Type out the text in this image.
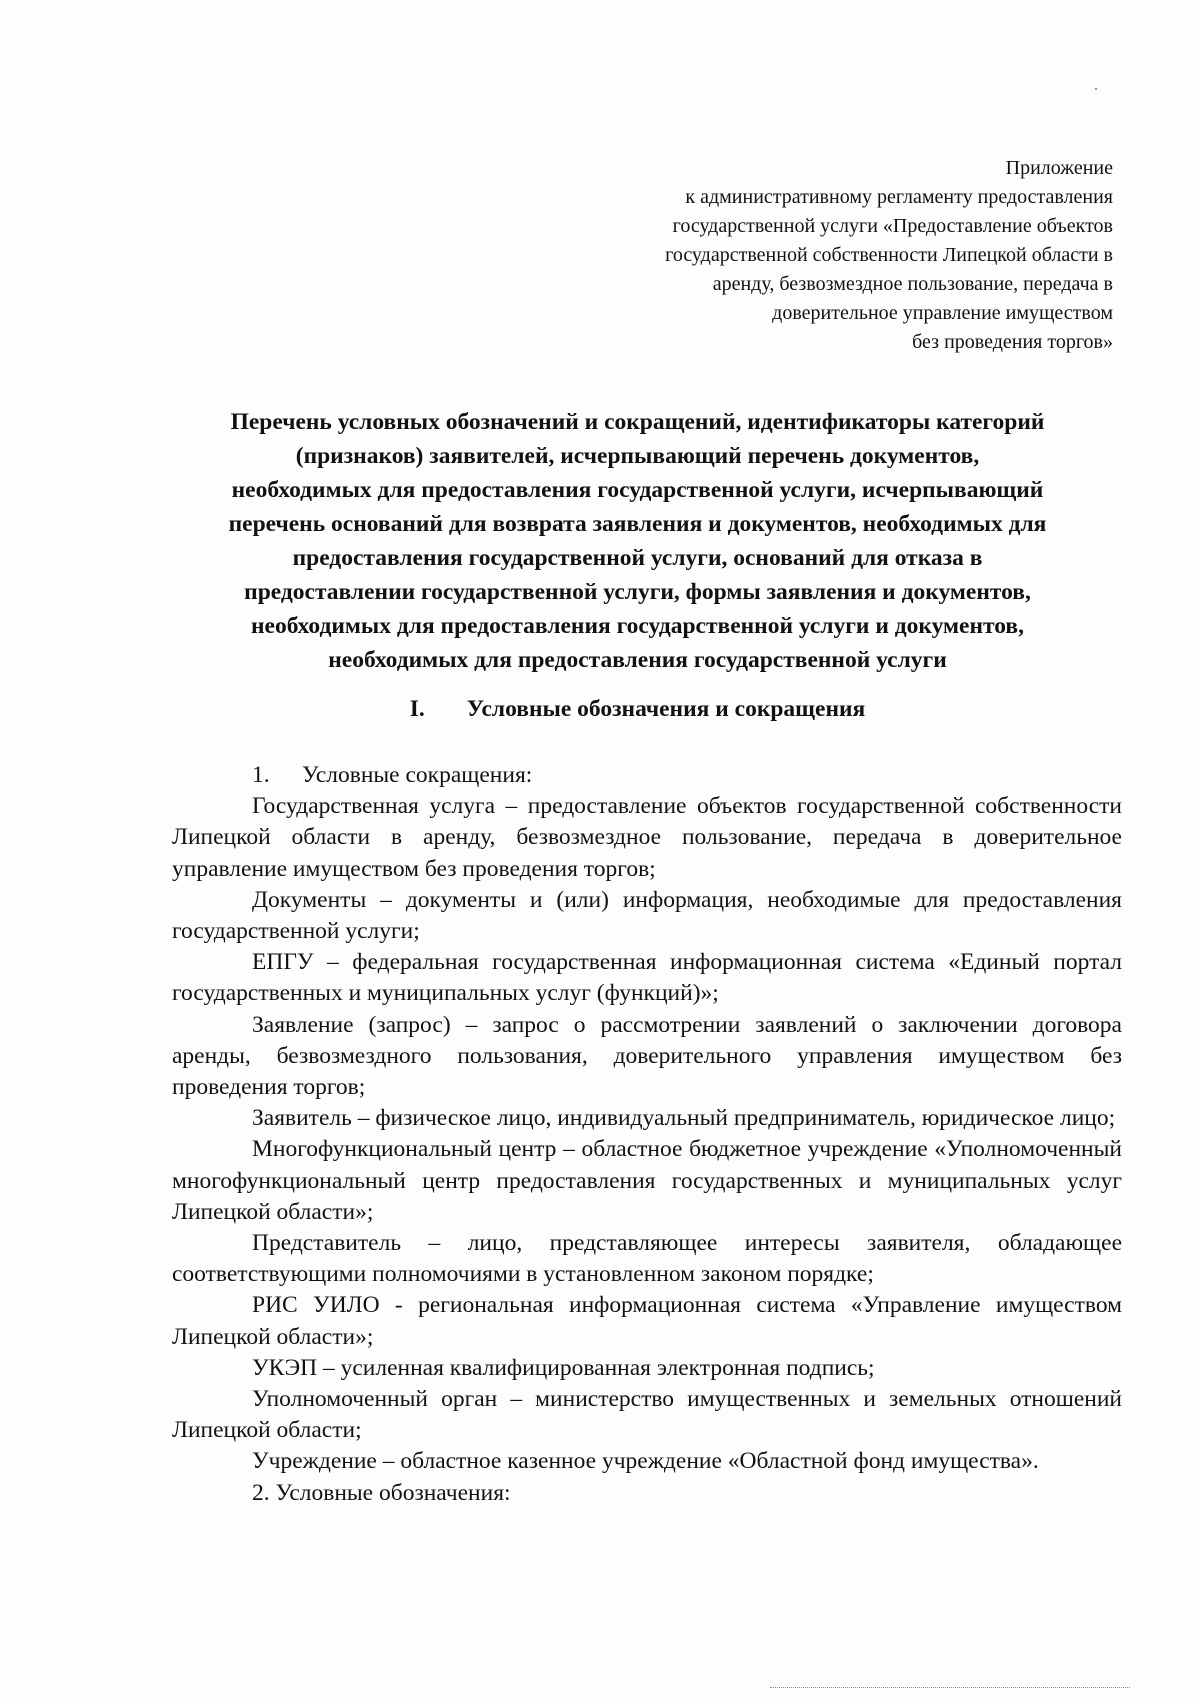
Приложение
к административному регламенту предоставления
государственной услуги «Предоставление объектов
государственной собственности Липецкой области в
аренду, безвозмездное пользование, передача в
доверительное управление имуществом
без проведения торгов»
Перечень условных обозначений и сокращений, идентификаторы категорий
(признаков) заявителей, исчерпывающий перечень документов,
необходимых для предоставления государственной услуги, исчерпывающий
перечень оснований для возврата заявления и документов, необходимых для
предоставления государственной услуги, оснований для отказа в
предоставлении государственной услуги, формы заявления и документов,
необходимых для предоставления государственной услуги и документов,
необходимых для предоставления государственной услуги
I. Условные обозначения и сокращения

1. Условные сокращения:

Государственная услуга – предоставление объектов государственной собственности Липецкой области в аренду, безвозмездное пользование, передача в доверительное управление имуществом без проведения торгов;

Документы – документы и (или) информация, необходимые для предоставления государственной услуги;

ЕПГУ – федеральная государственная информационная система «Единый портал государственных и муниципальных услуг (функций)»;

Заявление (запрос) – запрос о рассмотрении заявлений о заключении договора аренды, безвозмездного пользования, доверительного управления имуществом без проведения торгов;

Заявитель – физическое лицо, индивидуальный предприниматель, юридическое лицо;

Многофункциональный центр – областное бюджетное учреждение «Уполномоченный многофункциональный центр предоставления государственных и муниципальных услуг Липецкой области»;

Представитель – лицо, представляющее интересы заявителя, обладающее соответствующими полномочиями в установленном законом порядке;

РИС УИЛО - региональная информационная система «Управление имуществом Липецкой области»;

УКЭП – усиленная квалифицированная электронная подпись;

Уполномоченный орган – министерство имущественных и земельных отношений Липецкой области;

Учреждение – областное казенное учреждение «Областной фонд имущества».

2. Условные обозначения:
